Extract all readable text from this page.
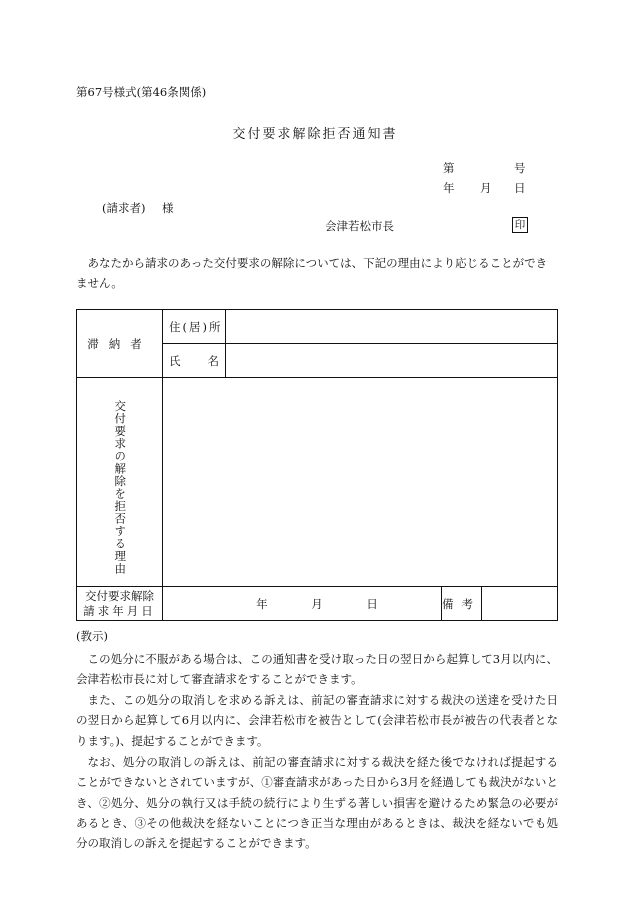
第67号様式(第46条関係)
交付要求解除拒否通知書
第	号
年 月 日
(請求者) 様
会津若松市長	印
あなたから請求のあった交付要求の解除については、下記の理由により応じることができません。
滞納者	住(居)所			
	氏 名			

交付要求の解除を拒否する理由				

交付要求解除
請求年月日	年 月 日		備考	
(教示)
この処分に不服がある場合は、この通知書を受け取った日の翌日から起算して3月以内に、会津若松市長に対して審査請求をすることができます。
また、この処分の取消しを求める訴えは、前記の審査請求に対する裁決の送達を受けた日の翌日から起算して6月以内に、会津若松市を被告として(会津若松市長が被告の代表者となります。)、提起することができます。
なお、処分の取消しの訴えは、前記の審査請求に対する裁決を経た後でなければ提起することができないとされていますが、①審査請求があった日から3月を経過しても裁決がないとき、②処分、処分の執行又は手続の続行により生ずる著しい損害を避けるため緊急の必要があるとき、③その他裁決を経ないことにつき正当な理由があるときは、裁決を経ないでも処分の取消しの訴えを提起することができます。
